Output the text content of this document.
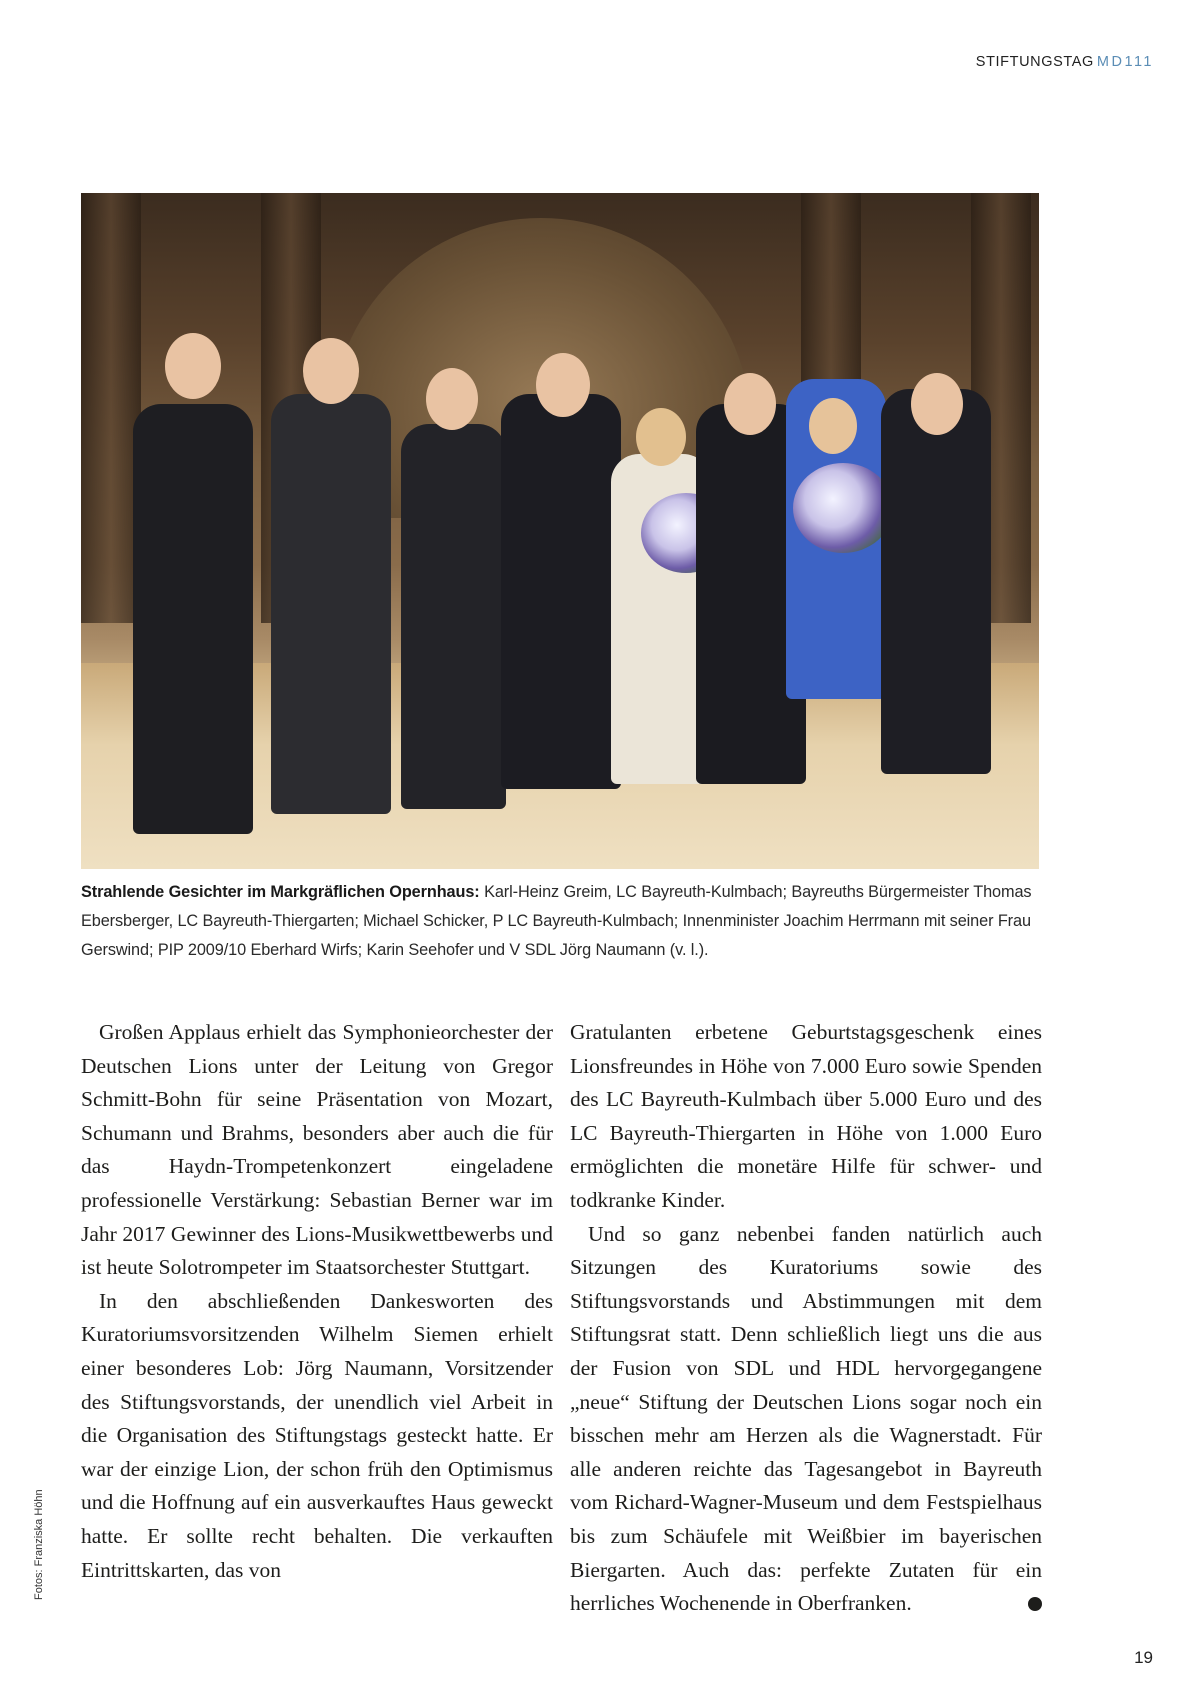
STIFTUNGSTAG MD111
Strahlende Gesichter im Markgräflichen Opernhaus: Karl-Heinz Greim, LC Bayreuth-Kulmbach; Bayreuths Bürgermeister Thomas Ebersberger, LC Bayreuth-Thiergarten; Michael Schicker, P LC Bayreuth-Kulmbach; Innenminister Joachim Herrmann mit seiner Frau Gerswind; PIP 2009/10 Eberhard Wirfs; Karin Seehofer und V SDL Jörg Naumann (v. l.).

Großen Applaus erhielt das Symphonieorchester der Deutschen Lions unter der Leitung von Gregor Schmitt-Bohn für seine Präsentation von Mozart, Schumann und Brahms, besonders aber auch die für das Haydn-Trompetenkonzert eingeladene professionelle Verstärkung: Sebastian Berner war im Jahr 2017 Gewinner des Lions-Musikwettbewerbs und ist heute Solotrompeter im Staatsorchester Stuttgart.

In den abschließenden Dankesworten des Kuratoriumsvorsitzenden Wilhelm Siemen erhielt einer besonderes Lob: Jörg Naumann, Vorsitzender des Stiftungsvorstands, der unendlich viel Arbeit in die Organisation des Stiftungstags gesteckt hatte. Er war der einzige Lion, der schon früh den Optimismus und die Hoffnung auf ein ausverkauftes Haus geweckt hatte. Er sollte recht behalten. Die verkauften Eintrittskarten, das von

Gratulanten erbetene Geburtstagsgeschenk eines Lionsfreundes in Höhe von 7.000 Euro sowie Spenden des LC Bayreuth-Kulmbach über 5.000 Euro und des LC Bayreuth-Thiergarten in Höhe von 1.000 Euro ermöglichten die monetäre Hilfe für schwer- und todkranke Kinder.

Und so ganz nebenbei fanden natürlich auch Sitzungen des Kuratoriums sowie des Stiftungsvorstands und Abstimmungen mit dem Stiftungsrat statt. Denn schließlich liegt uns die aus der Fusion von SDL und HDL hervorgegangene „neue“ Stiftung der Deutschen Lions sogar noch ein bisschen mehr am Herzen als die Wagnerstadt. Für alle anderen reichte das Tagesangebot in Bayreuth vom Richard-Wagner-Museum und dem Festspielhaus bis zum Schäufele mit Weißbier im bayerischen Biergarten. Auch das: perfekte Zutaten für ein herrliches Wochenende in Oberfranken.	L

Fotos: Franziska Höhn
19
